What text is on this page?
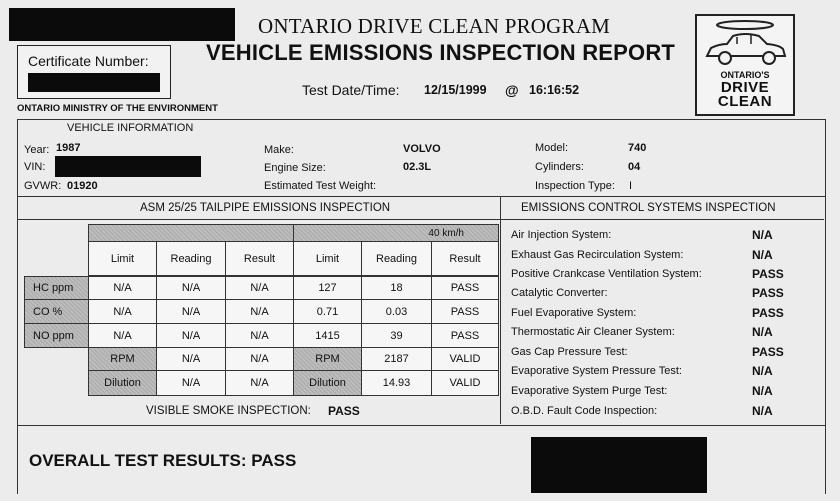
ONTARIO DRIVE CLEAN PROGRAM
VEHICLE EMISSIONS INSPECTION REPORT
Certificate Number:
ONTARIO MINISTRY OF THE ENVIRONMENT
Test Date/Time: 12/15/1999 @ 16:16:52
ONTARIO'S
DRIVE
CLEAN
VEHICLE INFORMATION
Year: 1987
VIN:
GVWR: 01920
Make:	VOLVO
Engine Size:	02.3L
Estimated Test Weight:
Model:	740
Cylinders:	04
Inspection Type: I
ASM 25/25 TAILPIPE EMISSIONS INSPECTION	EMISSIONS CONTROL SYSTEMS INSPECTION
40 km/h
Limit	Reading	Result	Limit	Reading	Result
HC ppm	N/A	N/A	N/A	127	18	PASS
CO %	N/A	N/A	N/A	0.71	0.03	PASS
NO ppm	N/A	N/A	N/A	1415	39	PASS
RPM	N/A	N/A	RPM	2187	VALID
Dilution	N/A	N/A	Dilution	14.93	VALID
VISIBLE SMOKE INSPECTION: PASS
Air Injection System:	N/A
Exhaust Gas Recirculation System:	N/A
Positive Crankcase Ventilation System:	PASS
Catalytic Converter:	PASS
Fuel Evaporative System:	PASS
Thermostatic Air Cleaner System:	N/A
Gas Cap Pressure Test:	PASS
Evaporative System Pressure Test:	N/A
Evaporative System Purge Test:	N/A
O.B.D. Fault Code Inspection:	N/A
OVERALL TEST RESULTS: PASS
